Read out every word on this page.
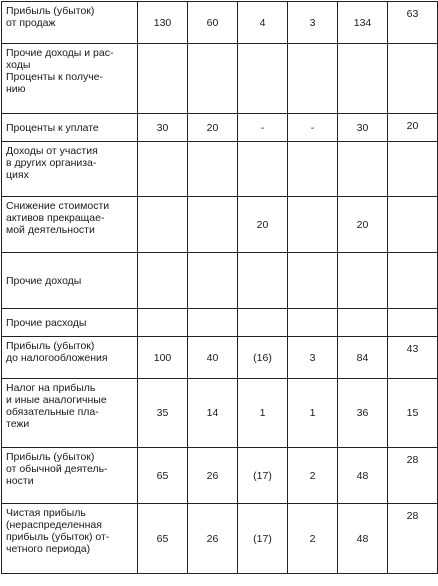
Прибыль (убыток)
от продаж	130	60	4	3	134	63
Прочие доходы и рас-
ходы
Проценты к получе-
нию						
Проценты к уплате	30	20	-	-	30	20
Доходы от участия
в других организа-
циях						
Снижение стоимости
активов прекращае-
мой деятельности			20		20	
Прочие доходы						
Прочие расходы						
Прибыль (убыток)
до налогообложения	100	40	(16)	3	84	43
Налог на прибыль
и иные аналогичные
обязательные пла-
тежи	35	14	1	1	36	15
Прибыль (убыток)
от обычной деятель-
ности	65	26	(17)	2	48	28
Чистая прибыль
(нераспределенная
прибыль (убыток) от-
четного периода)	65	26	(17)	2	48	28
